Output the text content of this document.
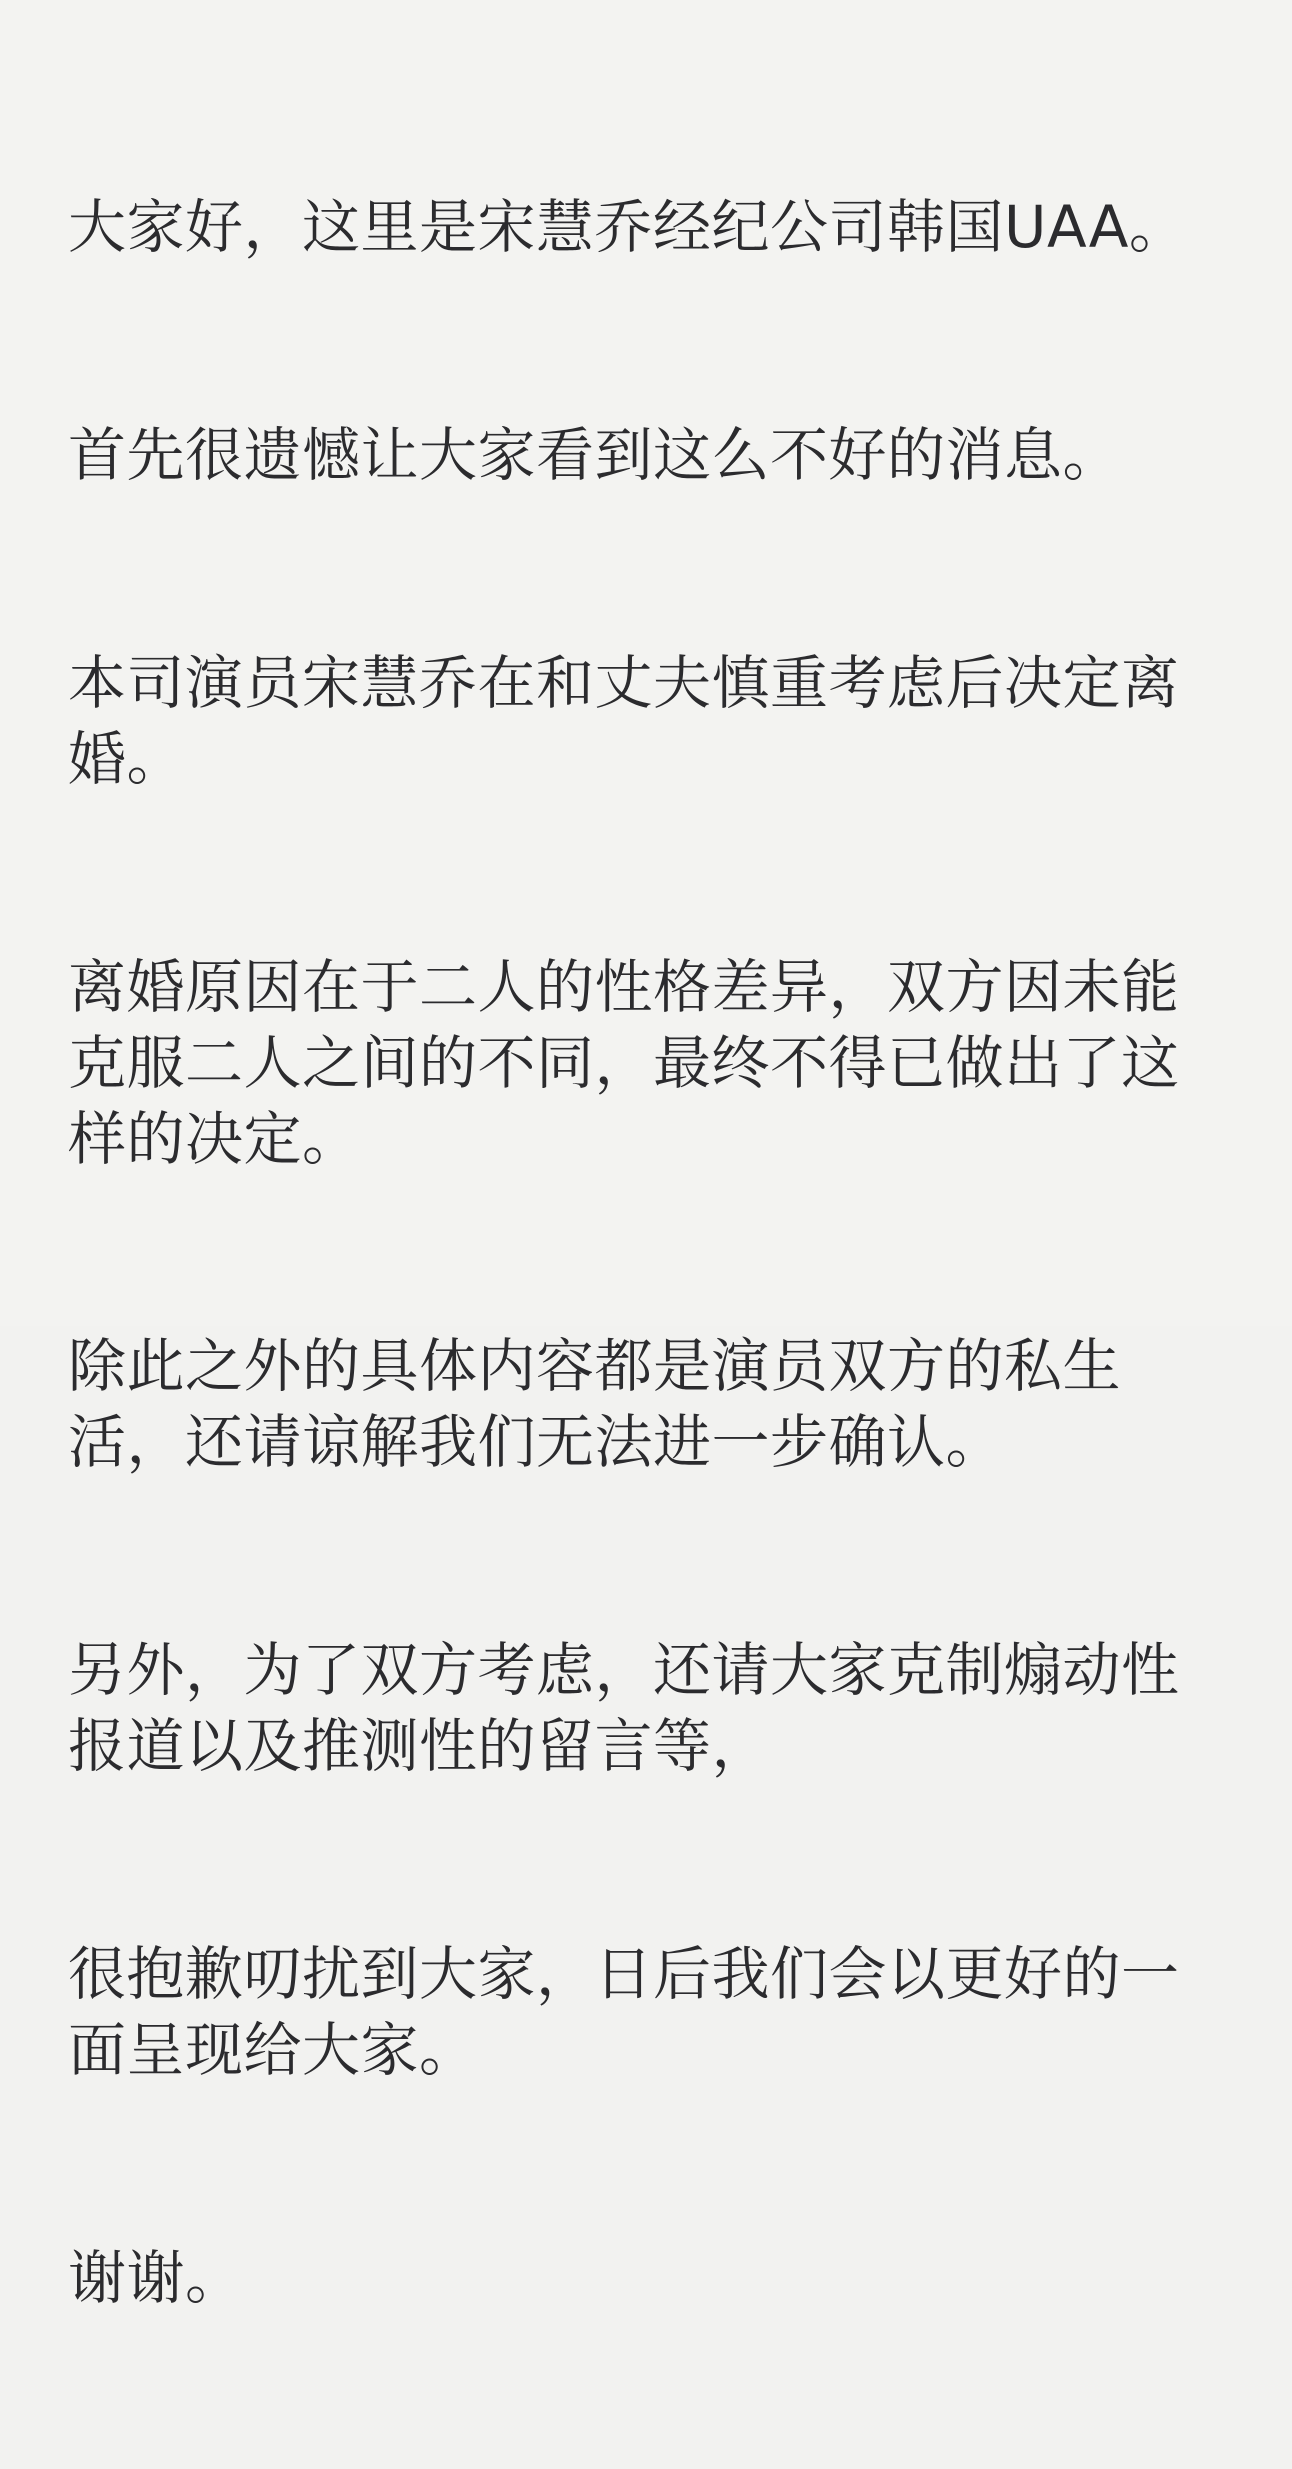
大家好，这里是宋慧乔经纪公司韩国UAA。

首先很遗憾让大家看到这么不好的消息。

本司演员宋慧乔在和丈夫慎重考虑后决定离婚。

离婚原因在于二人的性格差异，双方因未能克服二人之间的不同，最终不得已做出了这样的决定。

除此之外的具体内容都是演员双方的私生活，还请谅解我们无法进一步确认。

另外，为了双方考虑，还请大家克制煽动性报道以及推测性的留言等，

很抱歉叨扰到大家，日后我们会以更好的一面呈现给大家。

谢谢。
